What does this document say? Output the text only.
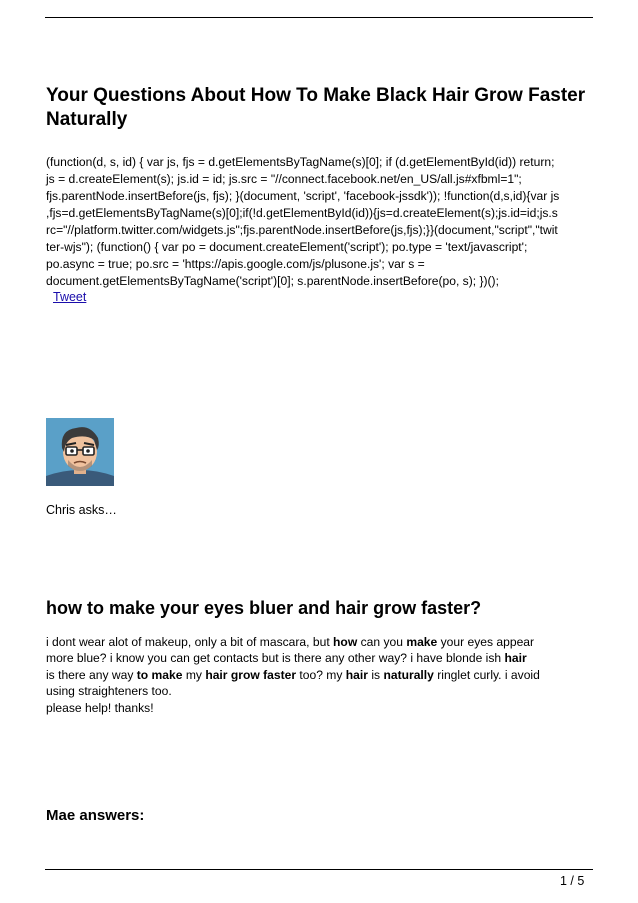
Your Questions About How To Make Black Hair Grow Faster Naturally
(function(d, s, id) { var js, fjs = d.getElementsByTagName(s)[0]; if (d.getElementById(id)) return;
js = d.createElement(s); js.id = id; js.src = "//connect.facebook.net/en_US/all.js#xfbml=1";
fjs.parentNode.insertBefore(js, fjs); }(document, 'script', 'facebook-jssdk')); !function(d,s,id){var js
,fjs=d.getElementsByTagName(s)[0];if(!d.getElementById(id)){js=d.createElement(s);js.id=id;js.s
rc="//platform.twitter.com/widgets.js";fjs.parentNode.insertBefore(js,fjs);}}(document,"script","twit
ter-wjs"); (function() { var po = document.createElement('script'); po.type = 'text/javascript';
po.async = true; po.src = 'https://apis.google.com/js/plusone.js'; var s =
document.getElementsByTagName('script')[0]; s.parentNode.insertBefore(po, s); })();
Tweet
Chris asks…
how to make your eyes bluer and hair grow faster?
i dont wear alot of makeup, only a bit of mascara, but how can you make your eyes appear
more blue? i know you can get contacts but is there any other way? i have blonde ish hair
is there any way to make my hair grow faster too? my hair is naturally ringlet curly. i avoid
using straighteners too.
please help! thanks!
Mae answers:
1 / 5
